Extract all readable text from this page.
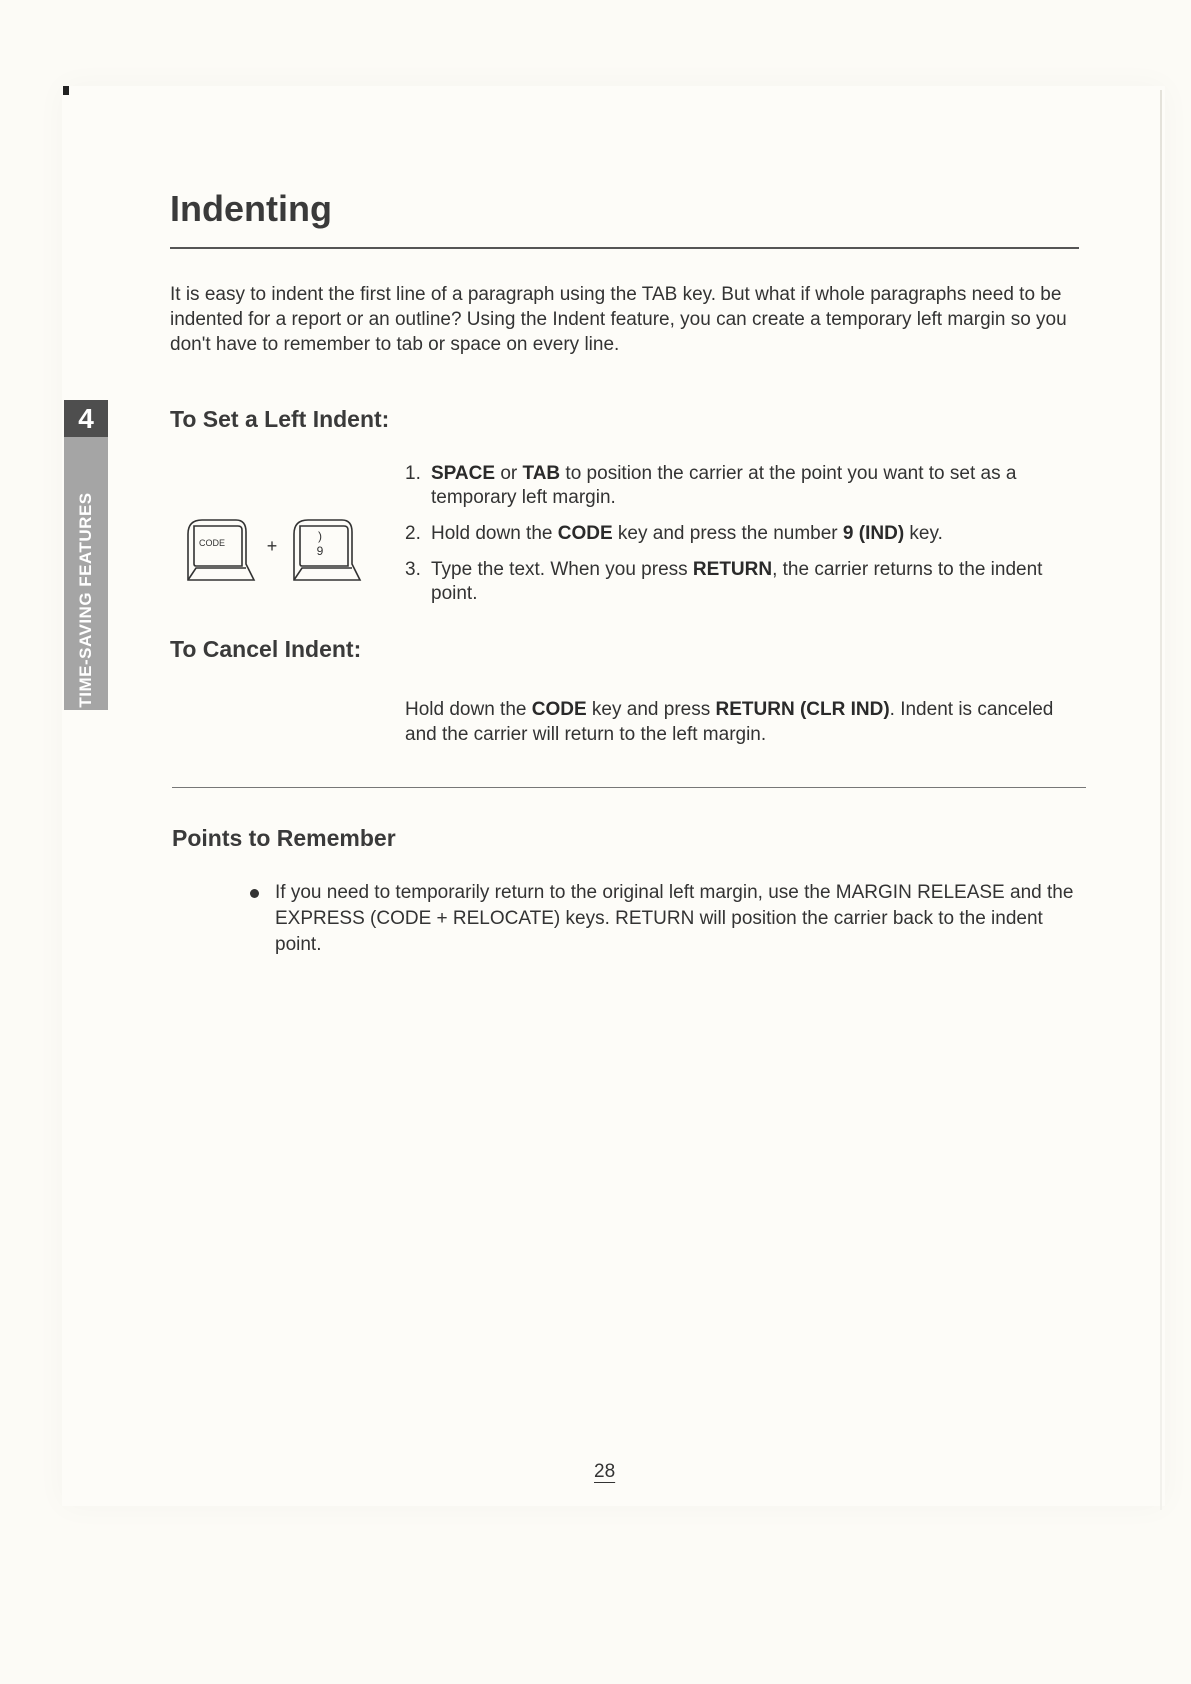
Indenting

It is easy to indent the first line of a paragraph using the TAB key. But what if whole paragraphs need to be indented for a report or an outline? Using the Indent feature, you can create a temporary left margin so you don't have to remember to tab or space on every line.

4
TIME-SAVING FEATURES
To Set a Left Indent:
CODE +	)
9
1. SPACE or TAB to position the carrier at the point you want to set as a temporary left margin.
2. Hold down the CODE key and press the number 9 (IND) key.
3. Type the text. When you press RETURN, the carrier returns to the indent point.
To Cancel Indent:

Hold down the CODE key and press RETURN (CLR IND). Indent is canceled and the carrier will return to the left margin.

Points to Remember
If you need to temporarily return to the original left margin, use the MARGIN RELEASE and the EXPRESS (CODE + RELOCATE) keys. RETURN will position the carrier back to the indent point.
28
